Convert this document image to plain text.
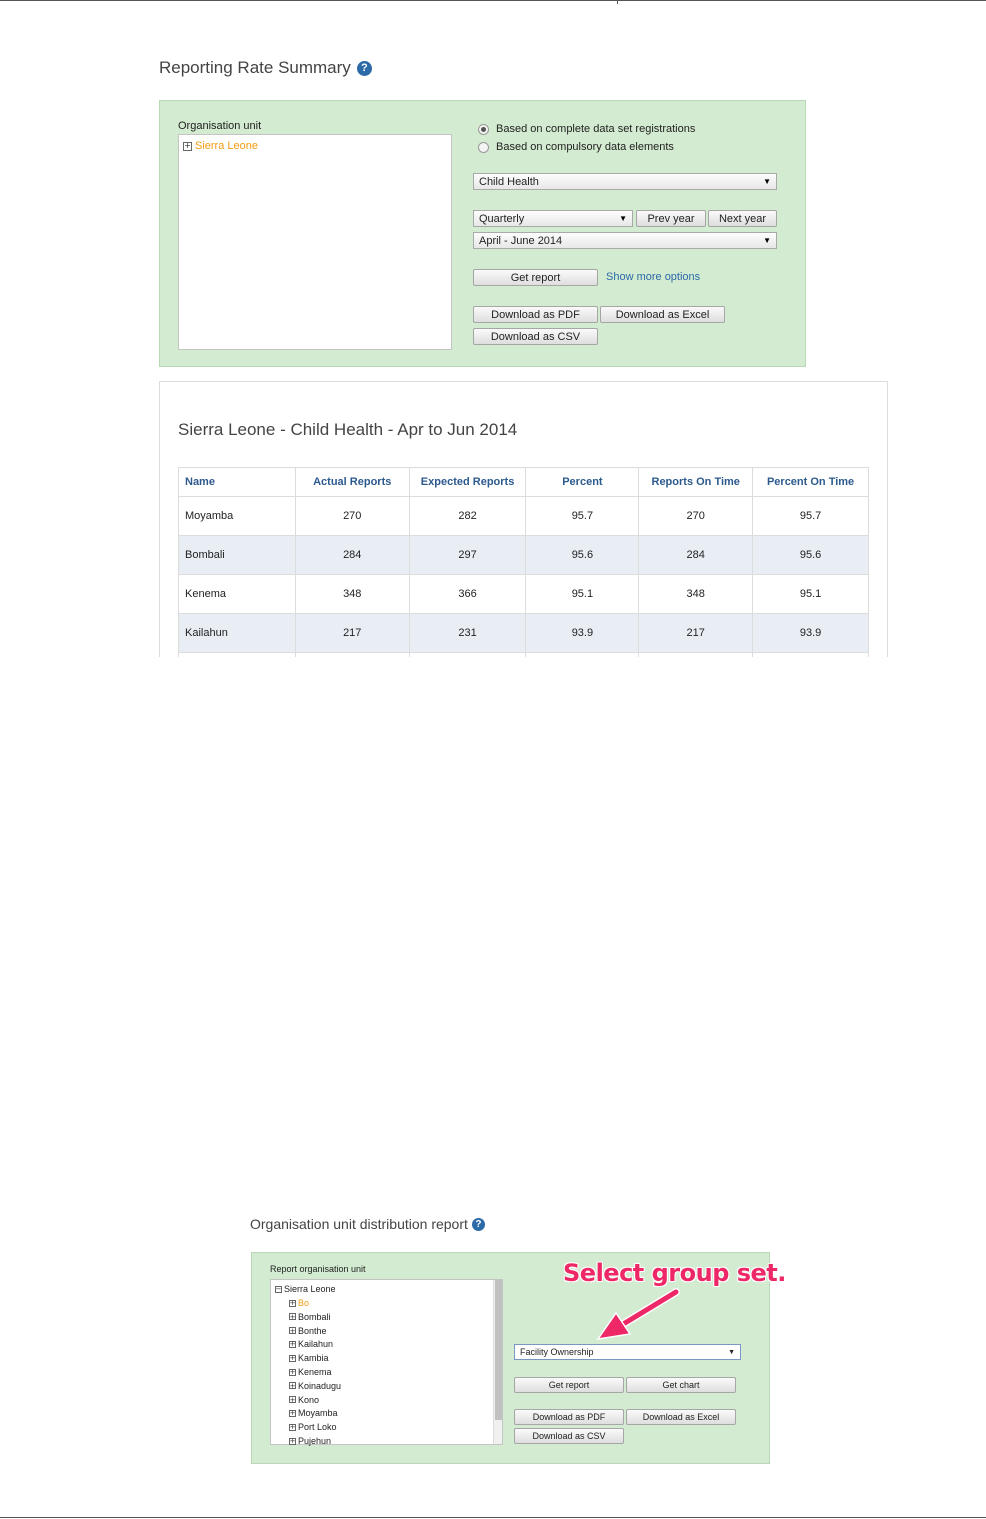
Reporting Rate Summary ?
Organisation unit
+ Sierra Leone
Based on complete data set registrations
Based on compulsory data elements
Child Health	▼
Quarterly	▼	Prev year	Next year
April - June 2014	▼
Get report	Show more options
Download as PDF	Download as Excel
Download as CSV
Sierra Leone - Child Health - Apr to Jun 2014
Name	Actual Reports	Expected Reports	Percent	Reports On Time	Percent On Time
Moyamba	270	282	95.7	270	95.7
Bombali	284	297	95.6	284	95.6
Kenema	348	366	95.1	348	95.1
Kailahun	217	231	93.9	217	93.9

Organisation unit distribution report ?
Report organisation unit
− Sierra Leone
+ Bo
+ Bombali
+ Bonthe
+ Kailahun
+ Kambia
+ Kenema
+ Koinadugu
+ Kono
+ Moyamba
+ Port Loko
+ Pujehun
Select group set.
Facility Ownership	▼
Get report	Get chart
Download as PDF	Download as Excel
Download as CSV
